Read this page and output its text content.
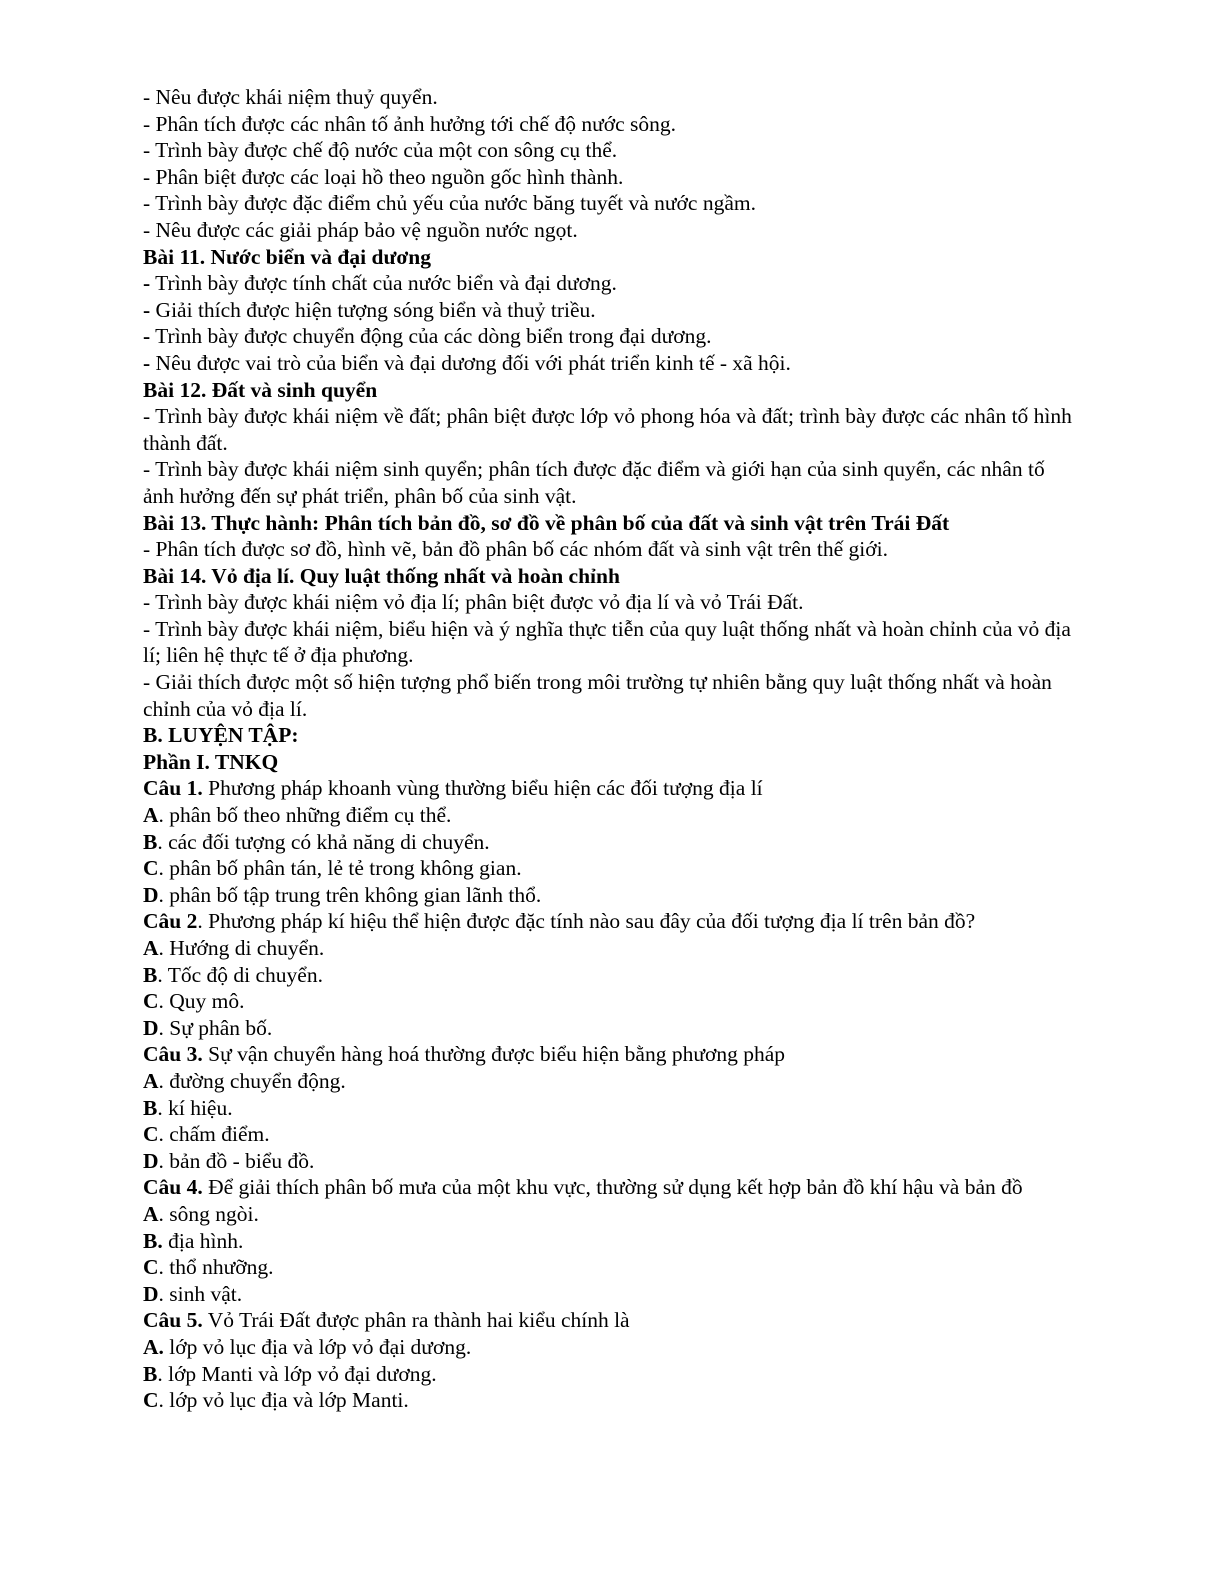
- Nêu được khái niệm thuỷ quyển.
- Phân tích được các nhân tố ảnh hưởng tới chế độ nước sông.
- Trình bày được chế độ nước của một con sông cụ thể.
- Phân biệt được các loại hồ theo nguồn gốc hình thành.
- Trình bày được đặc điểm chủ yếu của nước băng tuyết và nước ngầm.
- Nêu được các giải pháp bảo vệ nguồn nước ngọt.
Bài 11. Nước biển và đại dương
- Trình bày được tính chất của nước biển và đại dương.
- Giải thích được hiện tượng sóng biển và thuỷ triều.
- Trình bày được chuyển động của các dòng biển trong đại dương.
- Nêu được vai trò của biển và đại dương đối với phát triển kinh tế - xã hội.
Bài 12. Đất và sinh quyển
- Trình bày được khái niệm về đất; phân biệt được lớp vỏ phong hóa và đất; trình bày được các nhân tố hình thành đất.
- Trình bày được khái niệm sinh quyển; phân tích được đặc điểm và giới hạn của sinh quyển, các nhân tố ảnh hưởng đến sự phát triển, phân bố của sinh vật.
Bài 13. Thực hành: Phân tích bản đồ, sơ đồ về phân bố của đất và sinh vật trên Trái Đất
- Phân tích được sơ đồ, hình vẽ, bản đồ phân bố các nhóm đất và sinh vật trên thế giới.
Bài 14. Vỏ địa lí. Quy luật thống nhất và hoàn chỉnh
- Trình bày được khái niệm vỏ địa lí; phân biệt được vỏ địa lí và vỏ Trái Đất.
- Trình bày được khái niệm, biểu hiện và ý nghĩa thực tiễn của quy luật thống nhất và hoàn chỉnh của vỏ địa lí; liên hệ thực tế ở địa phương.
- Giải thích được một số hiện tượng phổ biến trong môi trường tự nhiên bằng quy luật thống nhất và hoàn chỉnh của vỏ địa lí.
B. LUYỆN TẬP:
Phần I. TNKQ
Câu 1. Phương pháp khoanh vùng thường biểu hiện các đối tượng địa lí
A. phân bố theo những điểm cụ thể.
B. các đối tượng có khả năng di chuyển.
C. phân bố phân tán, lẻ tẻ trong không gian.
D. phân bố tập trung trên không gian lãnh thổ.
Câu 2. Phương pháp kí hiệu thể hiện được đặc tính nào sau đây của đối tượng địa lí trên bản đồ?
A. Hướng di chuyển.
B. Tốc độ di chuyển.
C. Quy mô.
D. Sự phân bố.
Câu 3. Sự vận chuyển hàng hoá thường được biểu hiện bằng phương pháp
A. đường chuyển động.
B. kí hiệu.
C. chấm điểm.
D. bản đồ - biểu đồ.
Câu 4. Để giải thích phân bố mưa của một khu vực, thường sử dụng kết hợp bản đồ khí hậu và bản đồ
A. sông ngòi.
B. địa hình.
C. thổ nhưỡng.
D. sinh vật.
Câu 5. Vỏ Trái Đất được phân ra thành hai kiểu chính là
A. lớp vỏ lục địa và lớp vỏ đại dương.
B. lớp Manti và lớp vỏ đại dương.
C. lớp vỏ lục địa và lớp Manti.
